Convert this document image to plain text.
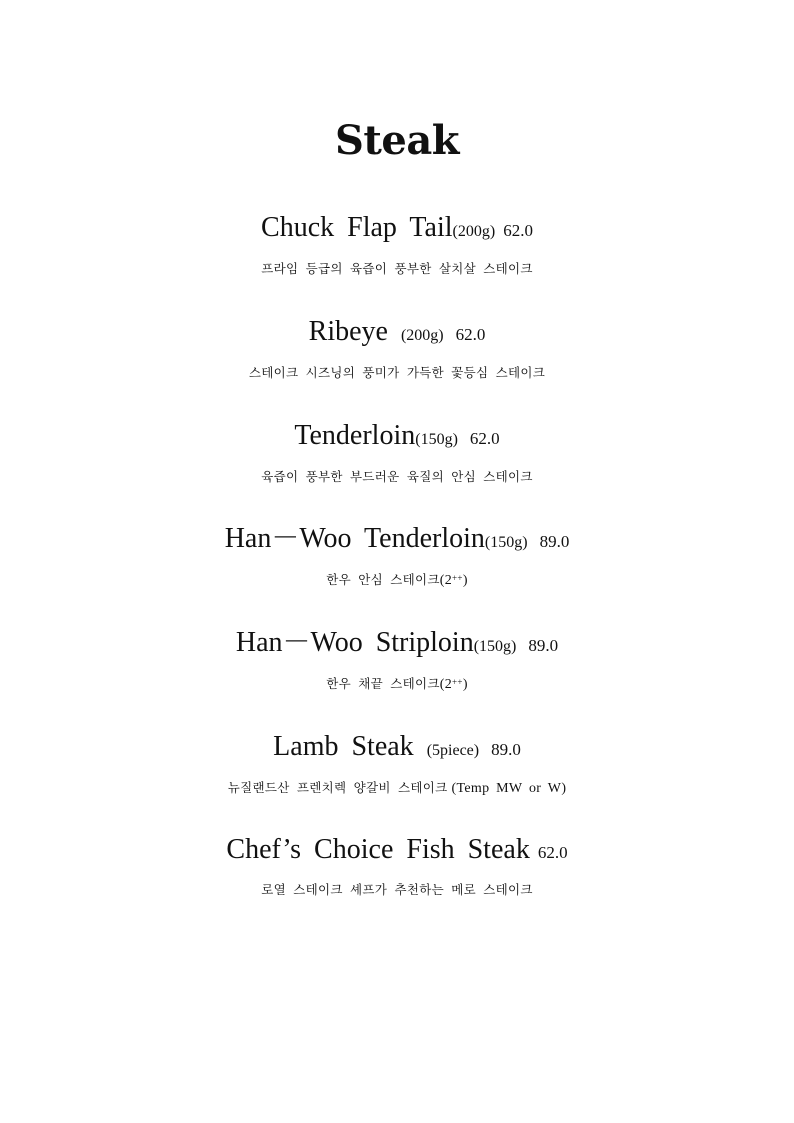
Steak
Chuck Flap Tail(200g) 62.0
프라임 등급의 육즙이 풍부한 살치살 스테이크
Ribeye (200g) 62.0
스테이크 시즈닝의 풍미가 가득한 꽃등심 스테이크
Tenderloin(150g) 62.0
육즙이 풍부한 부드러운 육질의 안심 스테이크
Han－Woo Tenderloin(150g) 89.0
한우 안심 스테이크(2++)
Han－Woo Striploin(150g) 89.0
한우 채끝 스테이크(2++)
Lamb Steak (5piece) 89.0
뉴질랜드산 프렌치렉 양갈비 스테이크 (Temp MW or W)
Chef’s Choice Fish Steak 62.0
로열 스테이크 셰프가 추천하는 메로 스테이크
